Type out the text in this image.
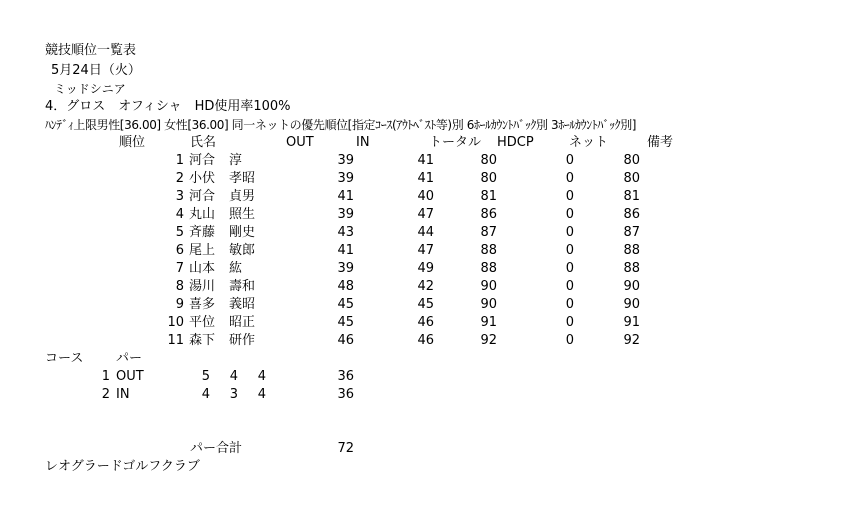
競技順位一覧表
5月24日（火）
ミッドシニア
4．グロス　オフィシャ　HD使用率100%
ﾊﾝﾃﾞｨ上限男性[36.00] 女性[36.00] 同一ネットの優先順位[指定ｺｰｽ(ｱｳﾄﾍﾞｽﾄ等)別 6ﾎｰﾙｶｳﾝﾄﾊﾞｯｸ別 3ﾎｰﾙｶｳﾝﾄﾊﾞｯｸ別]
順位	氏名	OUT	IN	トータル HDCP	ネット	備考
1 河合	淳	39	41	80	0	80
2 小伏	孝昭	39	41	80	0	80
3 河合	貞男	41	40	81	0	81
4 丸山	照生	39	47	86	0	86
5 斉藤	剛史	43	44	87	0	87
6 尾上	敏郎	41	47	88	0	88
7 山本	紘	39	49	88	0	88
8 湯川	壽和	48	42	90	0	90
9 喜多	義昭	45	45	90	0	90
10 平位	昭正	45	46	91	0	91
11 森下	研作	46	46	92	0	92
コース	パー
1 OUT	5	4	4	36
2 IN	4	3	4	36
パー合計	72
レオグラードゴルフクラブ
